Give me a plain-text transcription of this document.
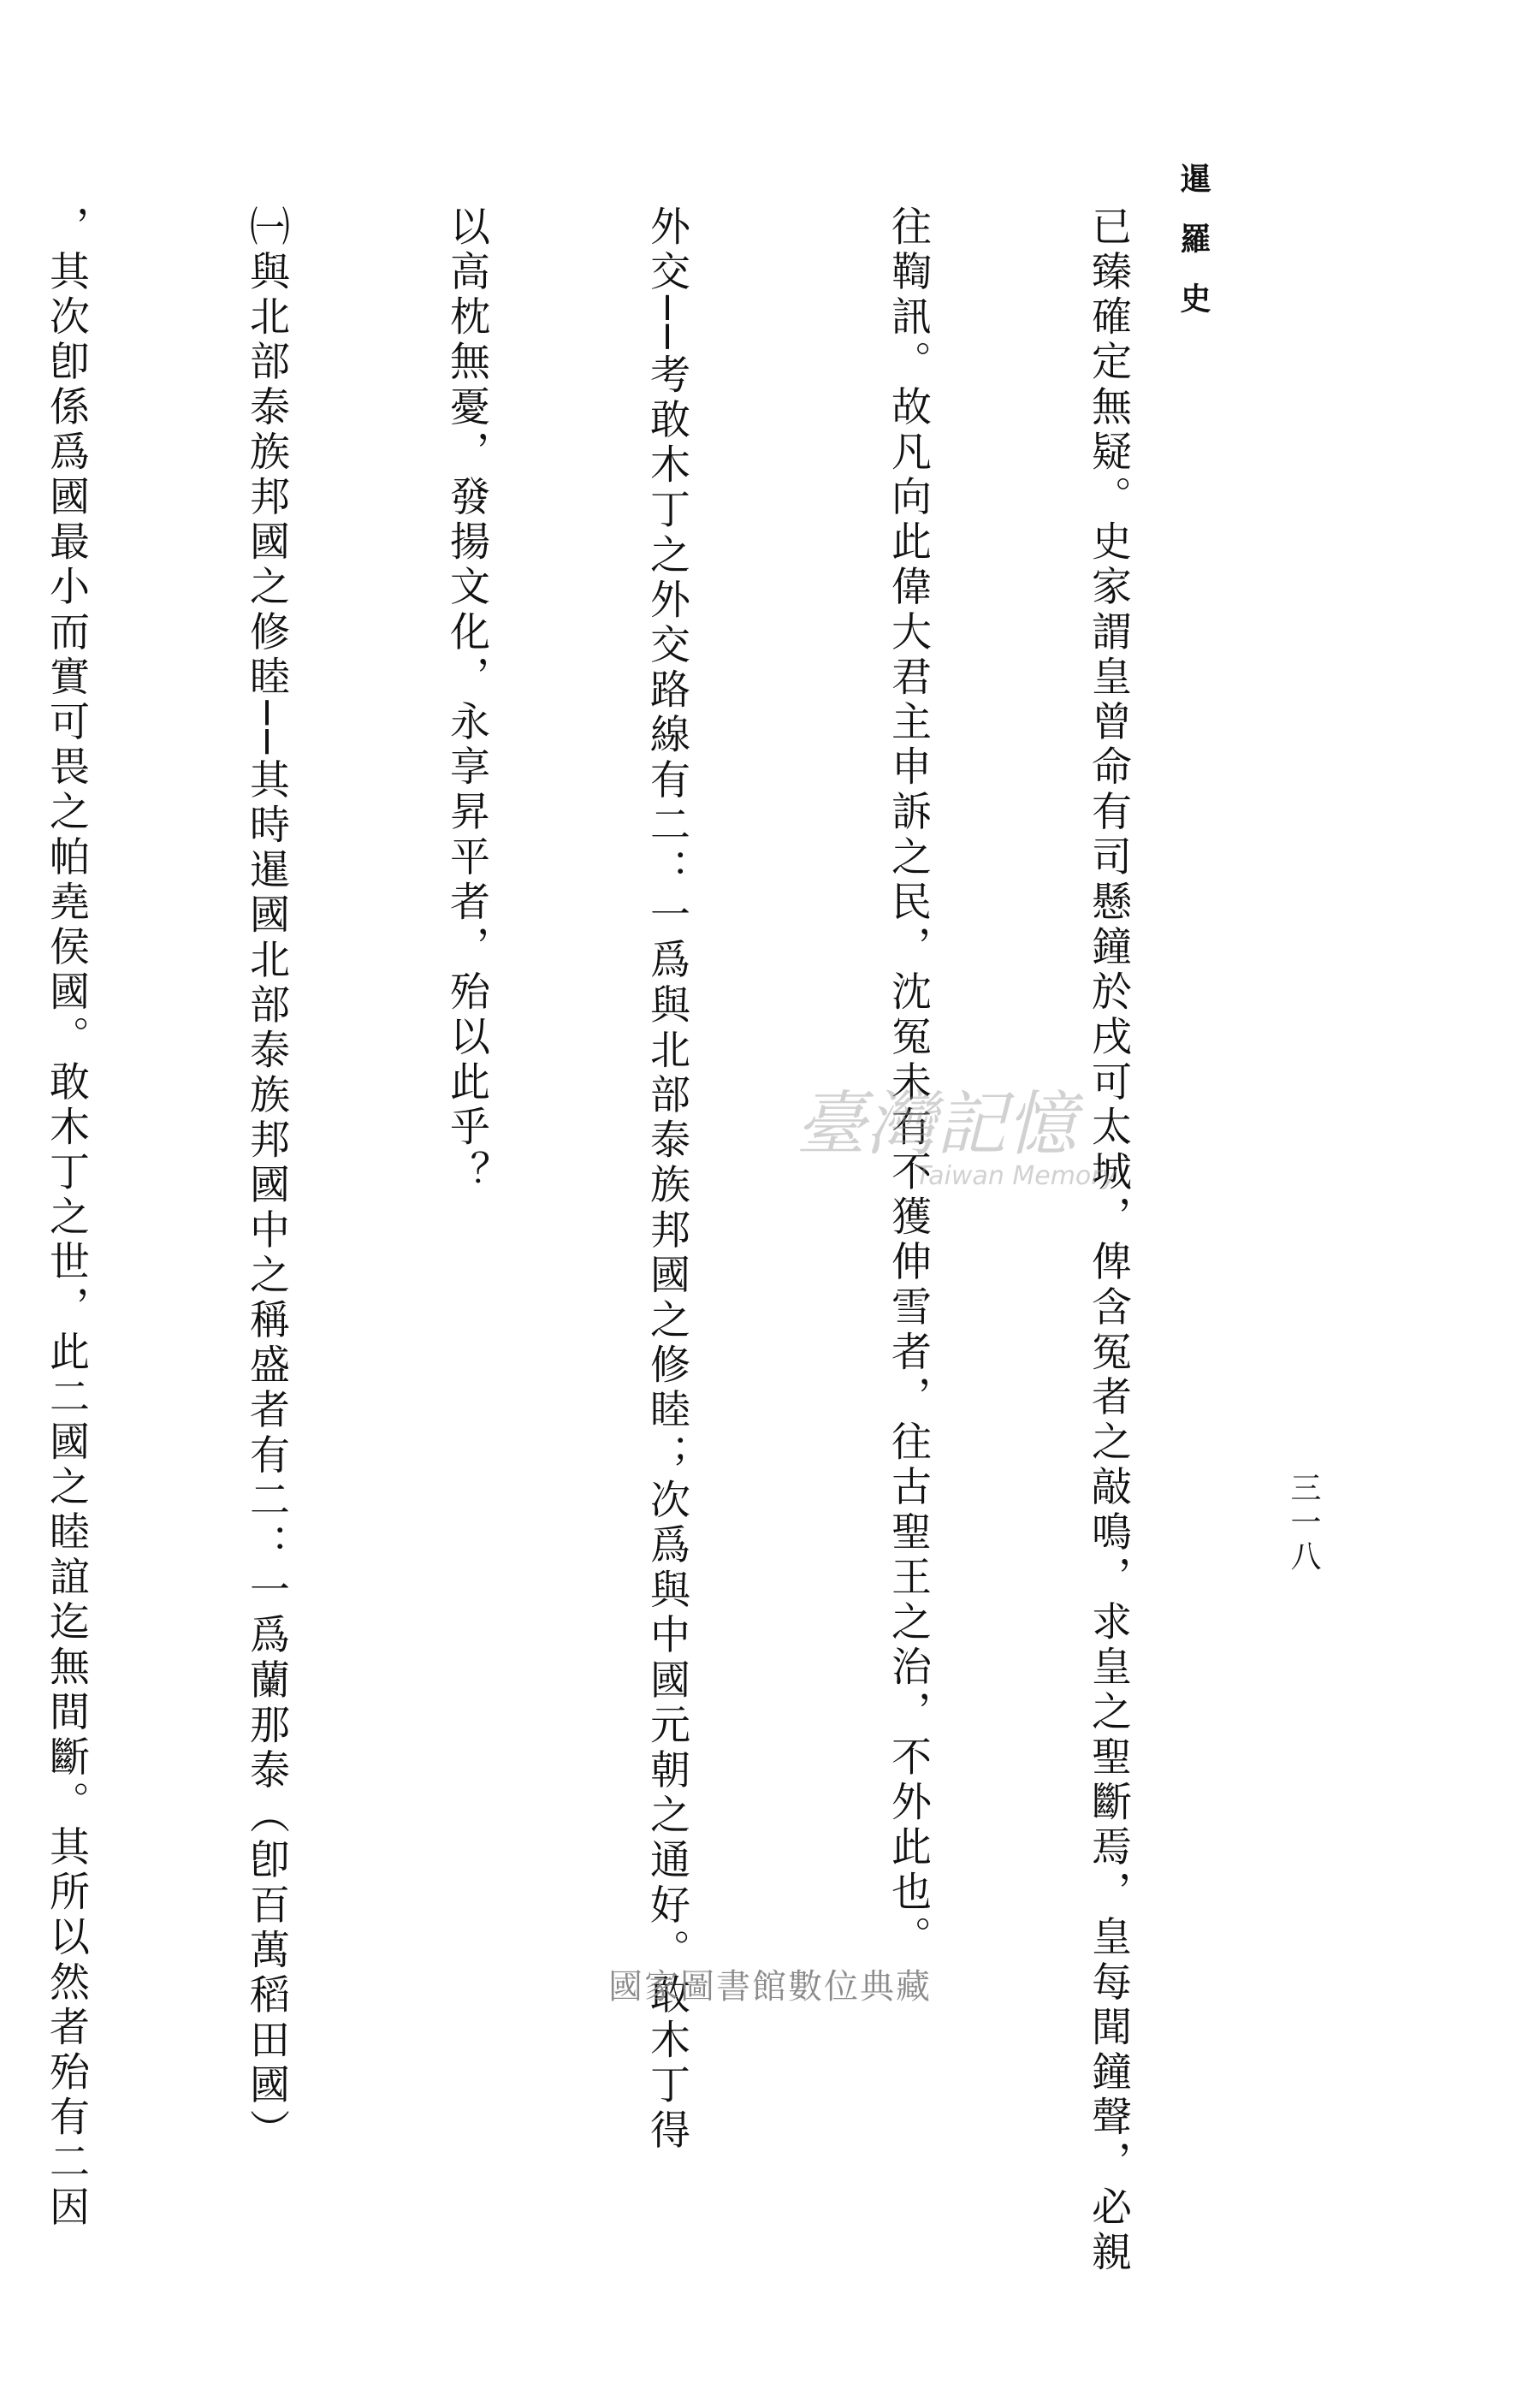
暹羅史
三一八

已臻確定無疑。史家謂皇曾命有司懸鐘於戌可太城，俾含冤者之敲鳴，求皇之聖斷焉，皇每聞鐘聲，必親

往鞫訊。故凡向此偉大君主申訴之民，沈冤未有不獲伸雪者，往古聖王之治，不外此也。

外交──考敢木丁之外交路線有二：一爲與北部泰族邦國之修睦；次爲與中國元朝之通好。敢木丁得

以高枕無憂，發揚文化，永享昇平者，殆以此乎？

㈠與北部泰族邦國之修睦──其時暹國北部泰族邦國中之稱盛者有二：一爲蘭那泰（卽百萬稻田國）

，其次卽係爲國最小而實可畏之帕堯侯國。敢木丁之世，此二國之睦誼迄無間斷。其所以然者殆有二因

	臺灣記憶
Taiwan Memory
國家圖書館數位典藏
